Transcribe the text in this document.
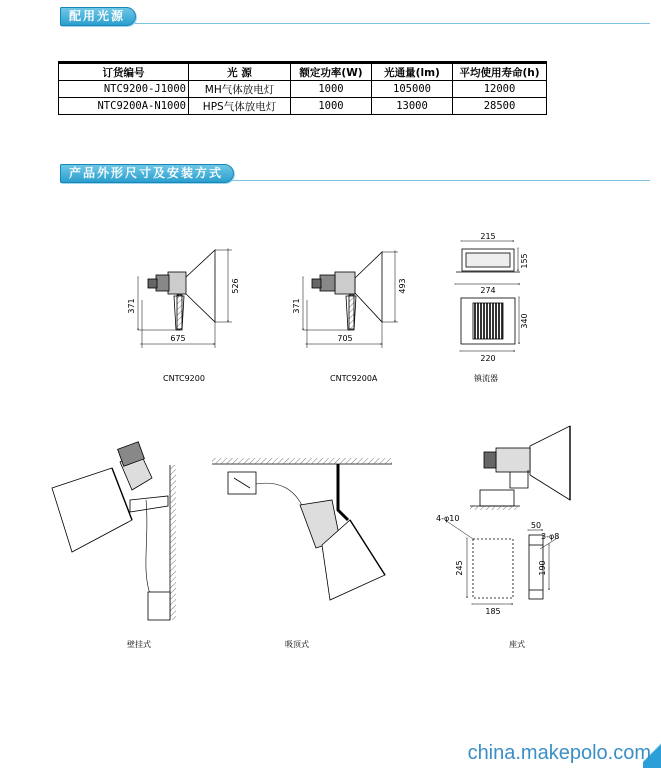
配用光源
订货编号	光 源	额定功率(W)	光通量(lm)	平均使用寿命(h)
NTC9200-J1000	MH气体放电灯	1000	105000	12000
NTC9200A-N1000	HPS气体放电灯	1000	13000	28500
产品外形尺寸及安装方式
675
526
371
705
493
371
215
155
274
340
220
4-φ10
3-φ8
245	190
185
50
CNTC9200	CNTC9200A	镇流器
壁挂式	吸顶式	座式
china.makepolo.com
